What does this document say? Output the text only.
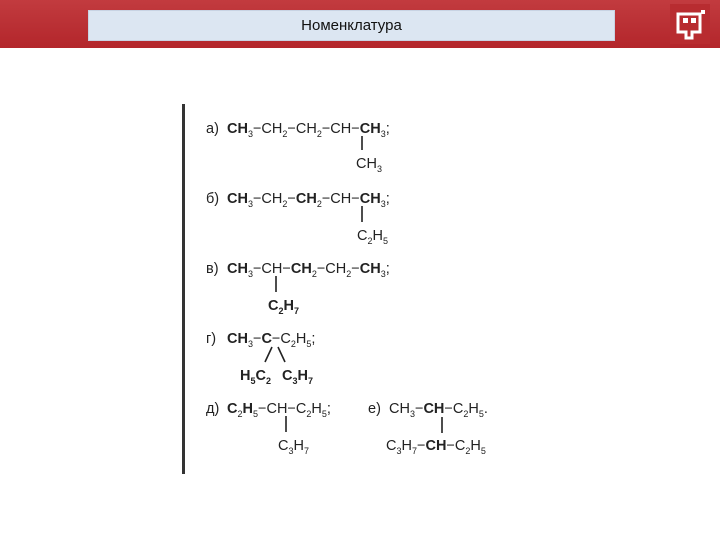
Номенклатура
а) $CH_3-CH_2-CH_2-CH-CH_3$;
$CH_3$
б) $CH_3-CH_2-CH_2-CH-CH_3$;
$C_2H_5$
в) $CH_3-CH-CH_2-CH_2-CH_3$;
$C_2H_7$
г) $CH_3-C-C_2H_5$;
$H_5C_2$ $C_3H_7$
д) $C_2H_5-CH-C_2H_5$;
$C_3H_7$
е) $CH_3-CH-C_2H_5$.
$C_3H_7-CH-C_2H_5$
